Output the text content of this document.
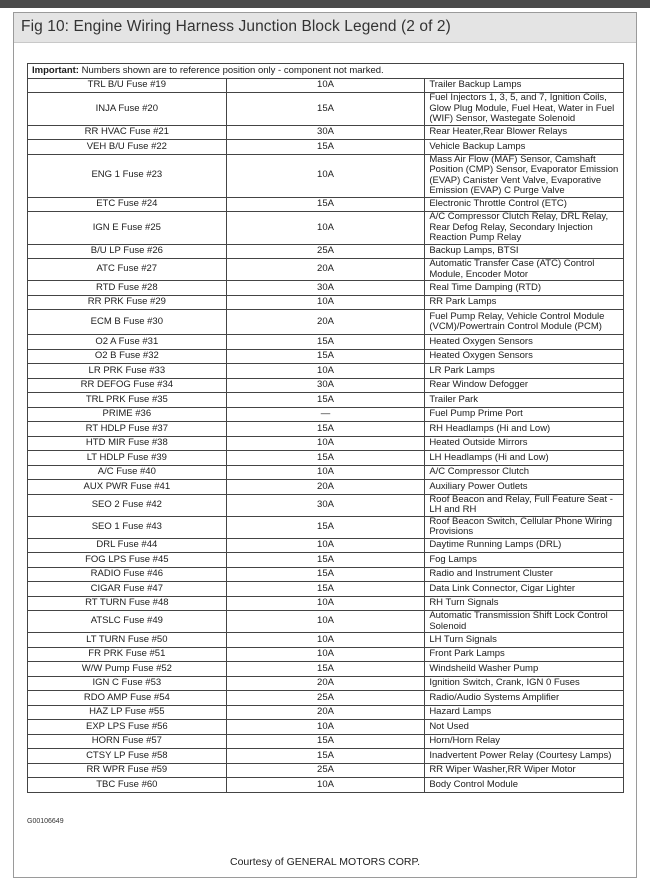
Fig 10: Engine Wiring Harness Junction Block Legend (2 of 2)
Important: Numbers shown are to reference position only - component not marked.		
TRL B/U Fuse #19	10A	Trailer Backup Lamps
INJA Fuse #20	15A	Fuel Injectors 1, 3, 5, and 7, Ignition Coils, Glow Plug Module, Fuel Heat, Water in Fuel (WIF) Sensor, Wastegate Solenoid
RR HVAC Fuse #21	30A	Rear Heater,Rear Blower Relays
VEH B/U Fuse #22	15A	Vehicle Backup Lamps
ENG 1 Fuse #23	10A	Mass Air Flow (MAF) Sensor, Camshaft Position (CMP) Sensor, Evaporator Emission (EVAP) Canister Vent Valve, Evaporative Emission (EVAP) C Purge Valve
ETC Fuse #24	15A	Electronic Throttle Control (ETC)
IGN E Fuse #25	10A	A/C Compressor Clutch Relay, DRL Relay, Rear Defog Relay, Secondary Injection Reaction Pump Relay
B/U LP Fuse #26	25A	Backup Lamps, BTSI
ATC Fuse #27	20A	Automatic Transfer Case (ATC) Control Module, Encoder Motor
RTD Fuse #28	30A	Real Time Damping (RTD)
RR PRK Fuse #29	10A	RR Park Lamps
ECM B Fuse #30	20A	Fuel Pump Relay, Vehicle Control Module (VCM)/Powertrain Control Module (PCM)
O2 A Fuse #31	15A	Heated Oxygen Sensors
O2 B Fuse #32	15A	Heated Oxygen Sensors
LR PRK Fuse #33	10A	LR Park Lamps
RR DEFOG Fuse #34	30A	Rear Window Defogger
TRL PRK Fuse #35	15A	Trailer Park
PRIME #36	—	Fuel Pump Prime Port
RT HDLP Fuse #37	15A	RH Headlamps (Hi and Low)
HTD MIR Fuse #38	10A	Heated Outside Mirrors
LT HDLP Fuse #39	15A	LH Headlamps (Hi and Low)
A/C Fuse #40	10A	A/C Compressor Clutch
AUX PWR Fuse #41	20A	Auxiliary Power Outlets
SEO 2 Fuse #42	30A	Roof Beacon and Relay, Full Feature Seat - LH and RH
SEO 1 Fuse #43	15A	Roof Beacon Switch, Cellular Phone Wiring Provisions
DRL Fuse #44	10A	Daytime Running Lamps (DRL)
FOG LPS Fuse #45	15A	Fog Lamps
RADIO Fuse #46	15A	Radio and Instrument Cluster
CIGAR Fuse #47	15A	Data Link Connector, Cigar Lighter
RT TURN Fuse #48	10A	RH Turn Signals
ATSLC Fuse #49	10A	Automatic Transmission Shift Lock Control Solenoid
LT TURN Fuse #50	10A	LH Turn Signals
FR PRK Fuse #51	10A	Front Park Lamps
W/W Pump Fuse #52	15A	Windsheild Washer Pump
IGN C Fuse #53	20A	Ignition Switch, Crank, IGN 0 Fuses
RDO AMP Fuse #54	25A	Radio/Audio Systems Amplifier
HAZ LP Fuse #55	20A	Hazard Lamps
EXP LPS Fuse #56	10A	Not Used
HORN Fuse #57	15A	Horn/Horn Relay
CTSY LP Fuse #58	15A	Inadvertent Power Relay (Courtesy Lamps)
RR WPR Fuse #59	25A	RR Wiper Washer,RR Wiper Motor
TBC Fuse #60	10A	Body Control Module
G00106649
Courtesy of GENERAL MOTORS CORP.
